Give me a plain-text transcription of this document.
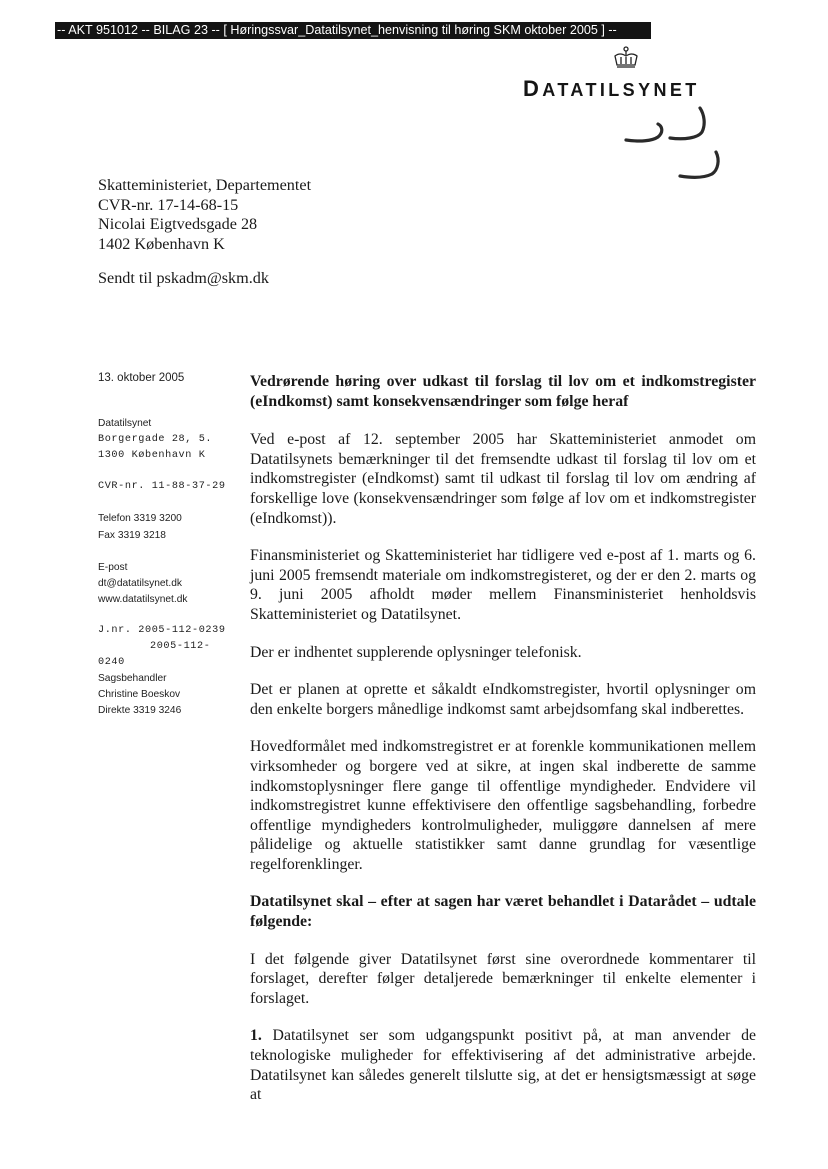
-- AKT 951012 -- BILAG 23 -- [ Høringssvar_Datatilsynet_henvisning til høring SKM oktober 2005 ] --
DATATILSYNET
Skatteministeriet, Departementet
CVR-nr. 17-14-68-15
Nicolai Eigtvedsgade 28
1402 København K
Sendt til pskadm@skm.dk
13. oktober 2005
Datatilsynet
Borgergade 28, 5.
1300 København K
CVR-nr. 11-88-37-29
Telefon 3319 3200
Fax 3319 3218
E-post
dt@datatilsynet.dk
www.datatilsynet.dk
J.nr. 2005-112-0239
2005-112-
0240
Sagsbehandler
Christine Boeskov
Direkte 3319 3246

Vedrørende høring over udkast til forslag til lov om et indkomstregister (eIndkomst) samt konsekvensændringer som følge heraf

Ved e-post af 12. september 2005 har Skatteministeriet anmodet om Datatilsynets bemærkninger til det fremsendte udkast til forslag til lov om et indkomstregister (eIndkomst) samt til udkast til forslag til lov om ændring af forskellige love (konsekvensændringer som følge af lov om et indkomstregister (eIndkomst)).

Finansministeriet og Skatteministeriet har tidligere ved e-post af 1. marts og 6. juni 2005 fremsendt materiale om indkomstregisteret, og der er den 2. marts og 9. juni 2005 afholdt møder mellem Finansministeriet henholdsvis Skatteministeriet og Datatilsynet.

Der er indhentet supplerende oplysninger telefonisk.

Det er planen at oprette et såkaldt eIndkomstregister, hvortil oplysninger om den enkelte borgers månedlige indkomst samt arbejdsomfang skal indberettes.

Hovedformålet med indkomstregistret er at forenkle kommunikationen mellem virksomheder og borgere ved at sikre, at ingen skal indberette de samme indkomstoplysninger flere gange til offentlige myndigheder. Endvidere vil indkomstregistret kunne effektivisere den offentlige sagsbehandling, forbedre offentlige myndigheders kontrolmuligheder, muliggøre dannelsen af mere pålidelige og aktuelle statistikker samt danne grundlag for væsentlige regelforenklinger.

Datatilsynet skal – efter at sagen har været behandlet i Datarådet – udtale følgende:

I det følgende giver Datatilsynet først sine overordnede kommentarer til forslaget, derefter følger detaljerede bemærkninger til enkelte elementer i forslaget.

1. Datatilsynet ser som udgangspunkt positivt på, at man anvender de teknologiske muligheder for effektivisering af det administrative arbejde. Datatilsynet kan således generelt tilslutte sig, at det er hensigtsmæssigt at søge at
